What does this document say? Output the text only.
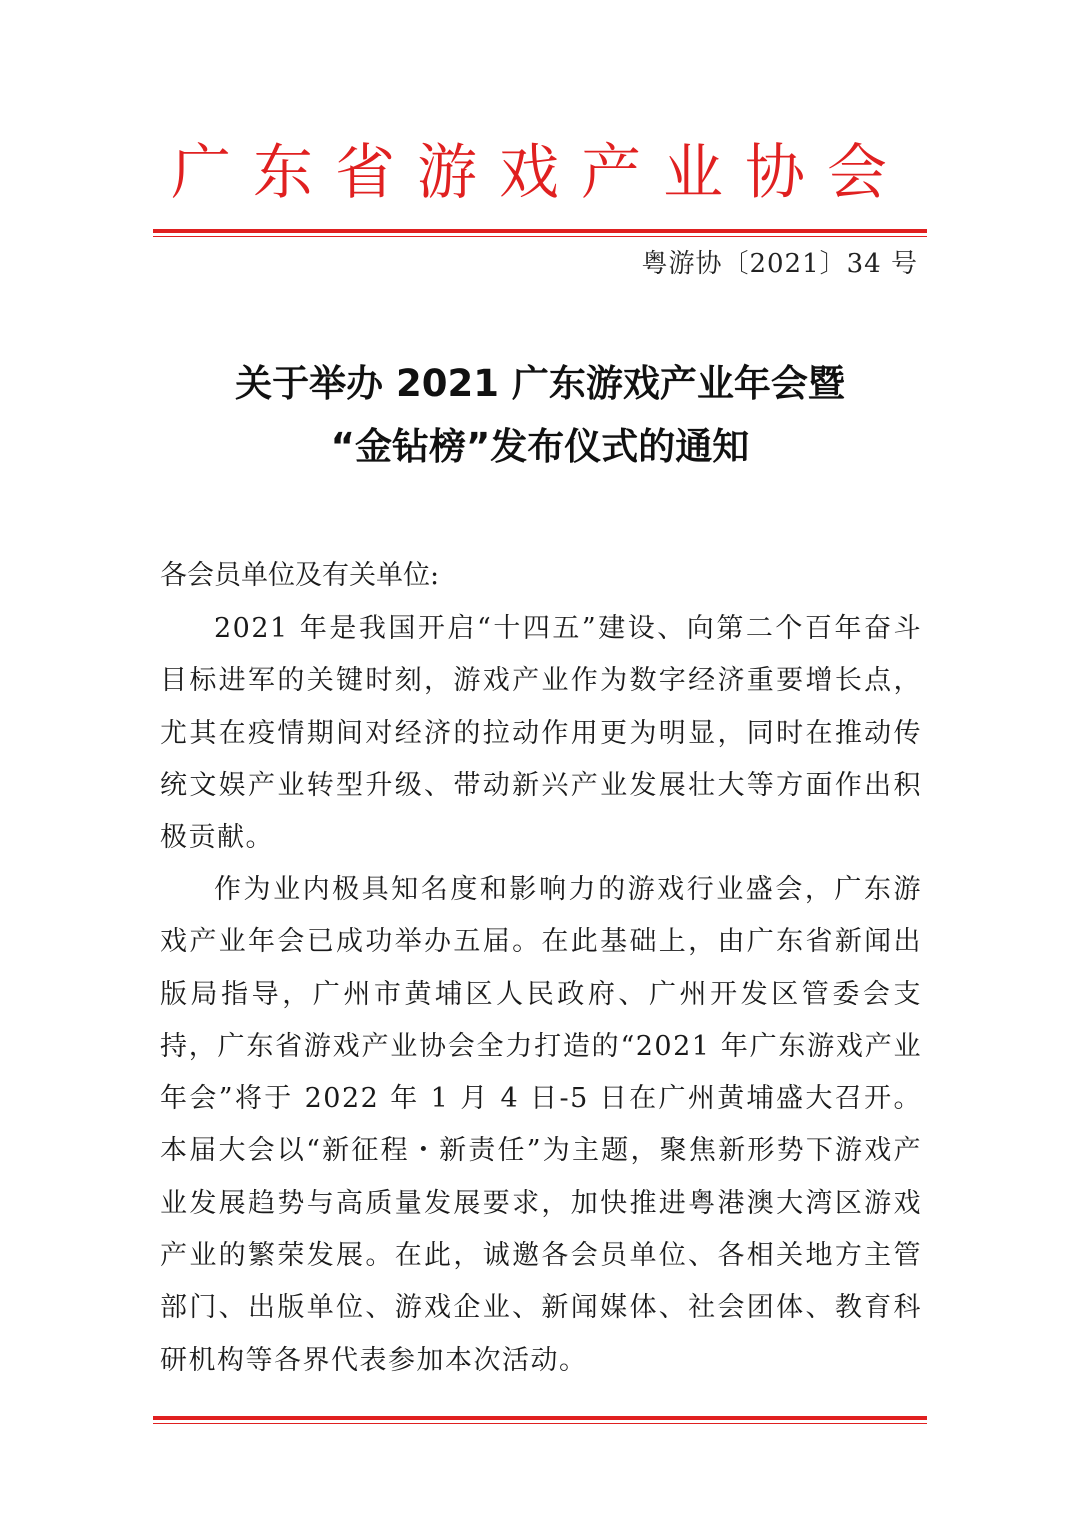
广东省游戏产业协会
粤游协〔2021〕34 号
关于举办 2021 广东游戏产业年会暨
“金钻榜”发布仪式的通知
各会员单位及有关单位:

2021 年是我国开启“十四五”建设、向第二个百年奋斗目标进军的关键时刻，游戏产业作为数字经济重要增长点，尤其在疫情期间对经济的拉动作用更为明显，同时在推动传统文娱产业转型升级、带动新兴产业发展壮大等方面作出积极贡献。

作为业内极具知名度和影响力的游戏行业盛会，广东游戏产业年会已成功举办五届。在此基础上，由广东省新闻出版局指导，广州市黄埔区人民政府、广州开发区管委会支持，广东省游戏产业协会全力打造的“2021 年广东游戏产业年会”将于 2022 年 1 月 4 日-5 日在广州黄埔盛大召开。本届大会以“新征程・新责任”为主题，聚焦新形势下游戏产业发展趋势与高质量发展要求，加快推进粤港澳大湾区游戏产业的繁荣发展。在此，诚邀各会员单位、各相关地方主管部门、出版单位、游戏企业、新闻媒体、社会团体、教育科研机构等各界代表参加本次活动。
